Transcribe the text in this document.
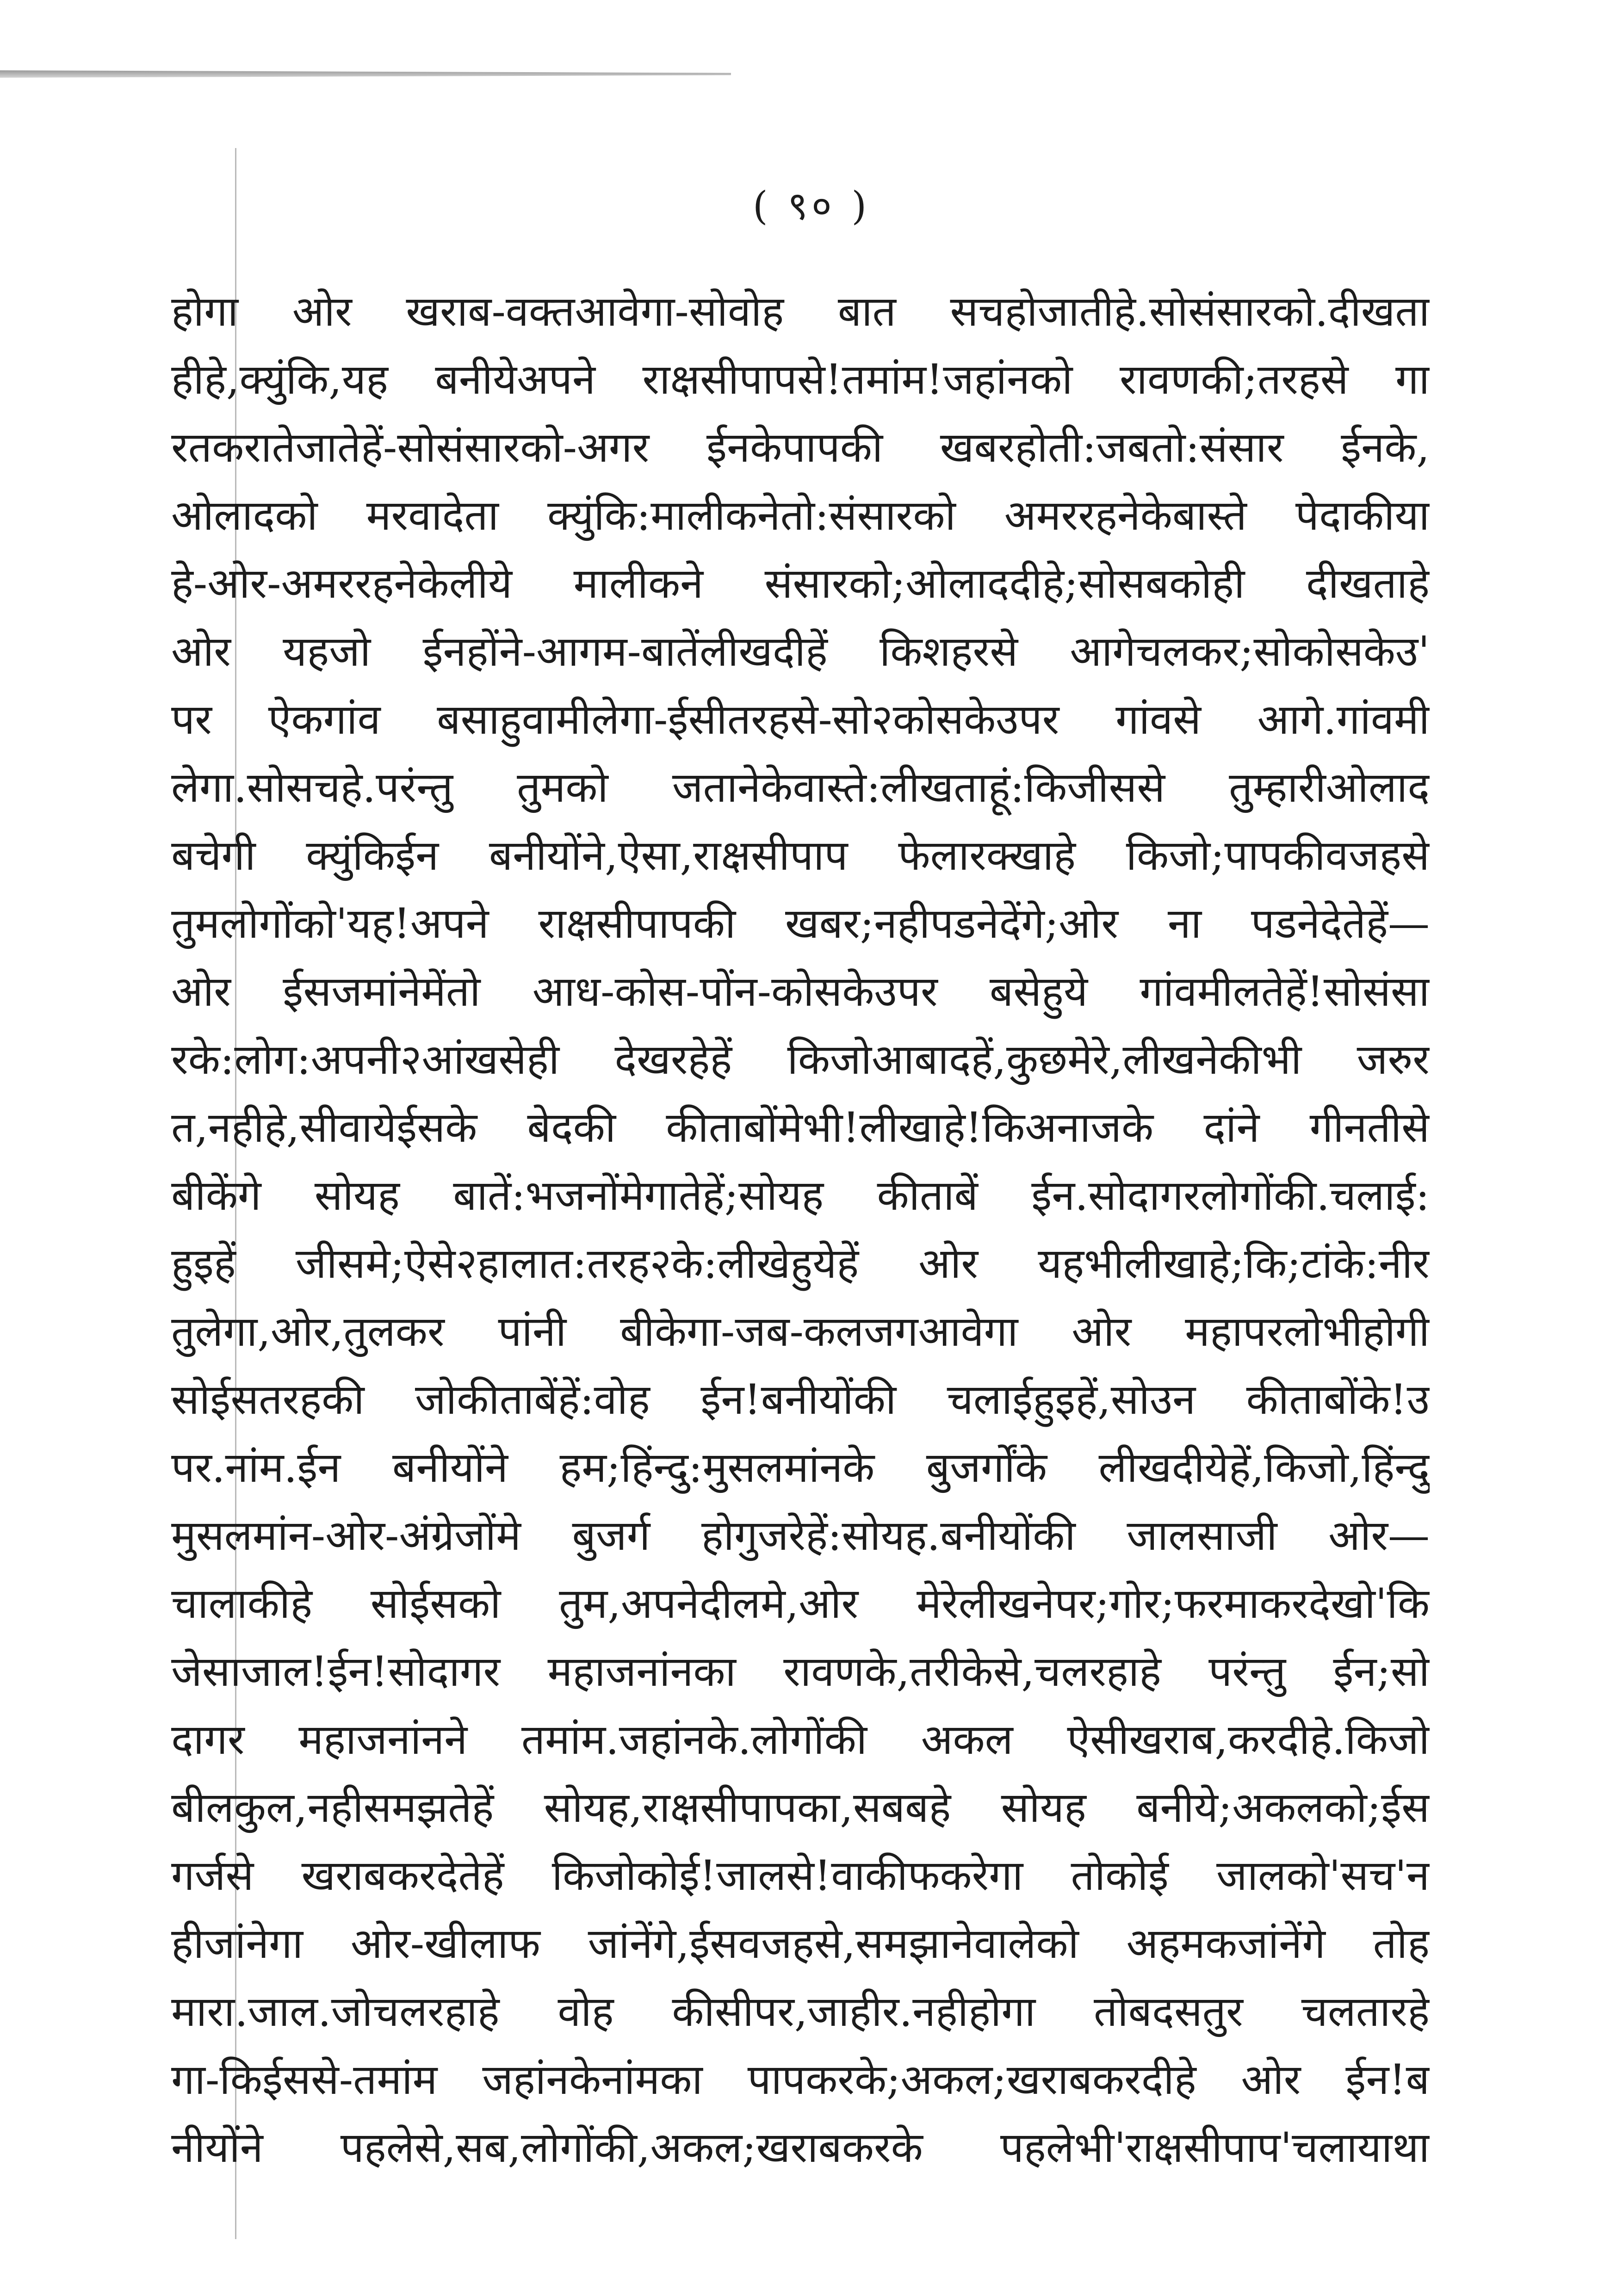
( ९० )
होगा ओर खराब-वक्तआवेगा-सोवोह बात सचहोजातीहे.सोसंसारको.दीखता
हीहे,क्युंकि,यह बनीयेअपने राक्षसीपापसे!तमांम!जहांनको रावणकी;तरहसे गा
रतकरातेजातेहें-सोसंसारको-अगर ईनकेपापकी खबरहोती:जबतो:संसार ईनके,
ओलादको मरवादेता क्युंकि:मालीकनेतो:संसारको अमररहनेकेबास्ते पेदाकीया
हे-ओर-अमररहनेकेलीये मालीकने संसारको;ओलाददीहे;सोसबकोही दीखताहे
ओर यहजो ईनहोंने-आगम-बातेंलीखदीहें किशहरसे आगेचलकर;सोकोसकेउ'
पर ऐकगांव बसाहुवामीलेगा-ईसीतरहसे-सो२कोसकेउपर गांवसे आगे.गांवमी
लेगा.सोसचहे.परंन्तु तुमको जतानेकेवास्ते:लीखताहूं:किजीससे तुम्हारीओलाद
बचेगी क्युंकिईन बनीयोंने,ऐसा,राक्षसीपाप फेलारक्खाहे किजो;पापकीवजहसे
तुमलोगोंको'यह!अपने राक्षसीपापकी खबर;नहीपडनेदेंगे;ओर ना पडनेदेतेहें—
ओर ईसजमांनेमेंतो आध-कोस-पोंन-कोसकेउपर बसेहुये गांवमीलतेहें!सोसंसा
रके:लोग:अपनी२आंखसेही देखरहेहें किजोआबादहें,कुछमेरे,लीखनेकीभी जरुर
त,नहीहे,सीवायेईसके बेदकी कीताबोंमेभी!लीखाहे!किअनाजके दांने गीनतीसे
बीकेंगे सोयह बातें:भजनोंमेगातेहें;सोयह कीताबें ईन.सोदागरलोगोंकी.चलाई:
हुइहें जीसमे;ऐसे२हालात:तरह२के:लीखेहुयेहें ओर यहभीलीखाहे;कि;टांके:नीर
तुलेगा,ओर,तुलकर पांनी बीकेगा-जब-कलजगआवेगा ओर महापरलोभीहोगी
सोईसतरहकी जोकीताबेंहें:वोह ईन!बनीयोंकी चलाईहुइहें,सोउन कीताबोंके!उ
पर.नांम.ईन बनीयोंने हम;हिंन्दु:मुसलमांनके बुजर्गोंके लीखदीयेहें,किजो,हिंन्दु
मुसलमांन-ओर-अंग्रेजोंमे बुजर्ग होगुजरेहें:सोयह.बनीयोंकी जालसाजी ओर—
चालाकीहे सोईसको तुम,अपनेदीलमे,ओर मेरेलीखनेपर;गोर;फरमाकरदेखो'कि
जेसाजाल!ईन!सोदागर महाजनांनका रावणके,तरीकेसे,चलरहाहे परंन्तु ईन;सो
दागर महाजनांनने तमांम.जहांनके.लोगोंकी अकल ऐसीखराब,करदीहे.किजो
बीलकुल,नहीसमझतेहें सोयह,राक्षसीपापका,सबबहे सोयह बनीये;अकलको;ईस
गर्जसे खराबकरदेतेहें किजोकोई!जालसे!वाकीफकरेगा तोकोई जालको'सच'न
हीजांनेगा ओर-खीलाफ जांनेंगे,ईसवजहसे,समझानेवालेको अहमकजांनेंगे तोह
मारा.जाल.जोचलरहाहे वोह कीसीपर,जाहीर.नहीहोगा तोबदसतुर चलतारहे
गा-किईससे-तमांम जहांनकेनांमका पापकरके;अकल;खराबकरदीहे ओर ईन!ब
नीयोंने पहलेसे,सब,लोगोंकी,अकल;खराबकरके पहलेभी'राक्षसीपाप'चलायाथा
